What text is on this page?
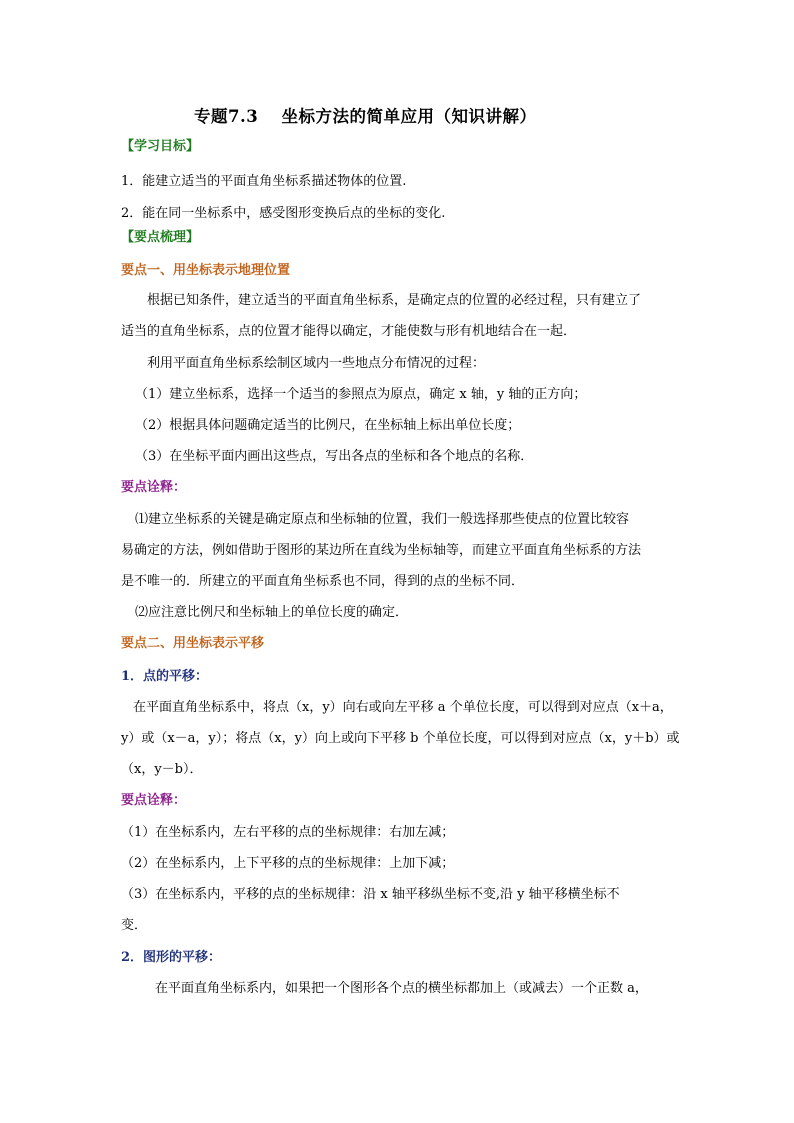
专题7.3　 坐标方法的简单应用（知识讲解）
【学习目标】
1．能建立适当的平面直角坐标系描述物体的位置.
2．能在同一坐标系中，感受图形变换后点的坐标的变化.
【要点梳理】
要点一、用坐标表示地理位置
根据已知条件，建立适当的平面直角坐标系，是确定点的位置的必经过程，只有建立了
适当的直角坐标系，点的位置才能得以确定，才能使数与形有机地结合在一起．
利用平面直角坐标系绘制区域内一些地点分布情况的过程：
（1）建立坐标系，选择一个适当的参照点为原点，确定 x 轴，y 轴的正方向；
（2）根据具体问题确定适当的比例尺，在坐标轴上标出单位长度；
（3）在坐标平面内画出这些点，写出各点的坐标和各个地点的名称．
要点诠释：
⑴建立坐标系的关键是确定原点和坐标轴的位置，我们一般选择那些使点的位置比较容
易确定的方法，例如借助于图形的某边所在直线为坐标轴等，而建立平面直角坐标系的方法
是不唯一的．所建立的平面直角坐标系也不同，得到的点的坐标不同．
⑵应注意比例尺和坐标轴上的单位长度的确定．
要点二、用坐标表示平移
1．点的平移：
在平面直角坐标系中，将点（x，y）向右或向左平移 a 个单位长度，可以得到对应点（x＋a，
y）或（x－a，y）；将点（x，y）向上或向下平移 b 个单位长度，可以得到对应点（x，y＋b）或
（x，y－b）．
要点诠释：
（1）在坐标系内，左右平移的点的坐标规律：右加左减；
（2）在坐标系内，上下平移的点的坐标规律：上加下减；
（3）在坐标系内，平移的点的坐标规律：沿 x 轴平移纵坐标不变,沿 y 轴平移横坐标不
变．
2．图形的平移：
在平面直角坐标系内，如果把一个图形各个点的横坐标都加上（或减去）一个正数 a，
